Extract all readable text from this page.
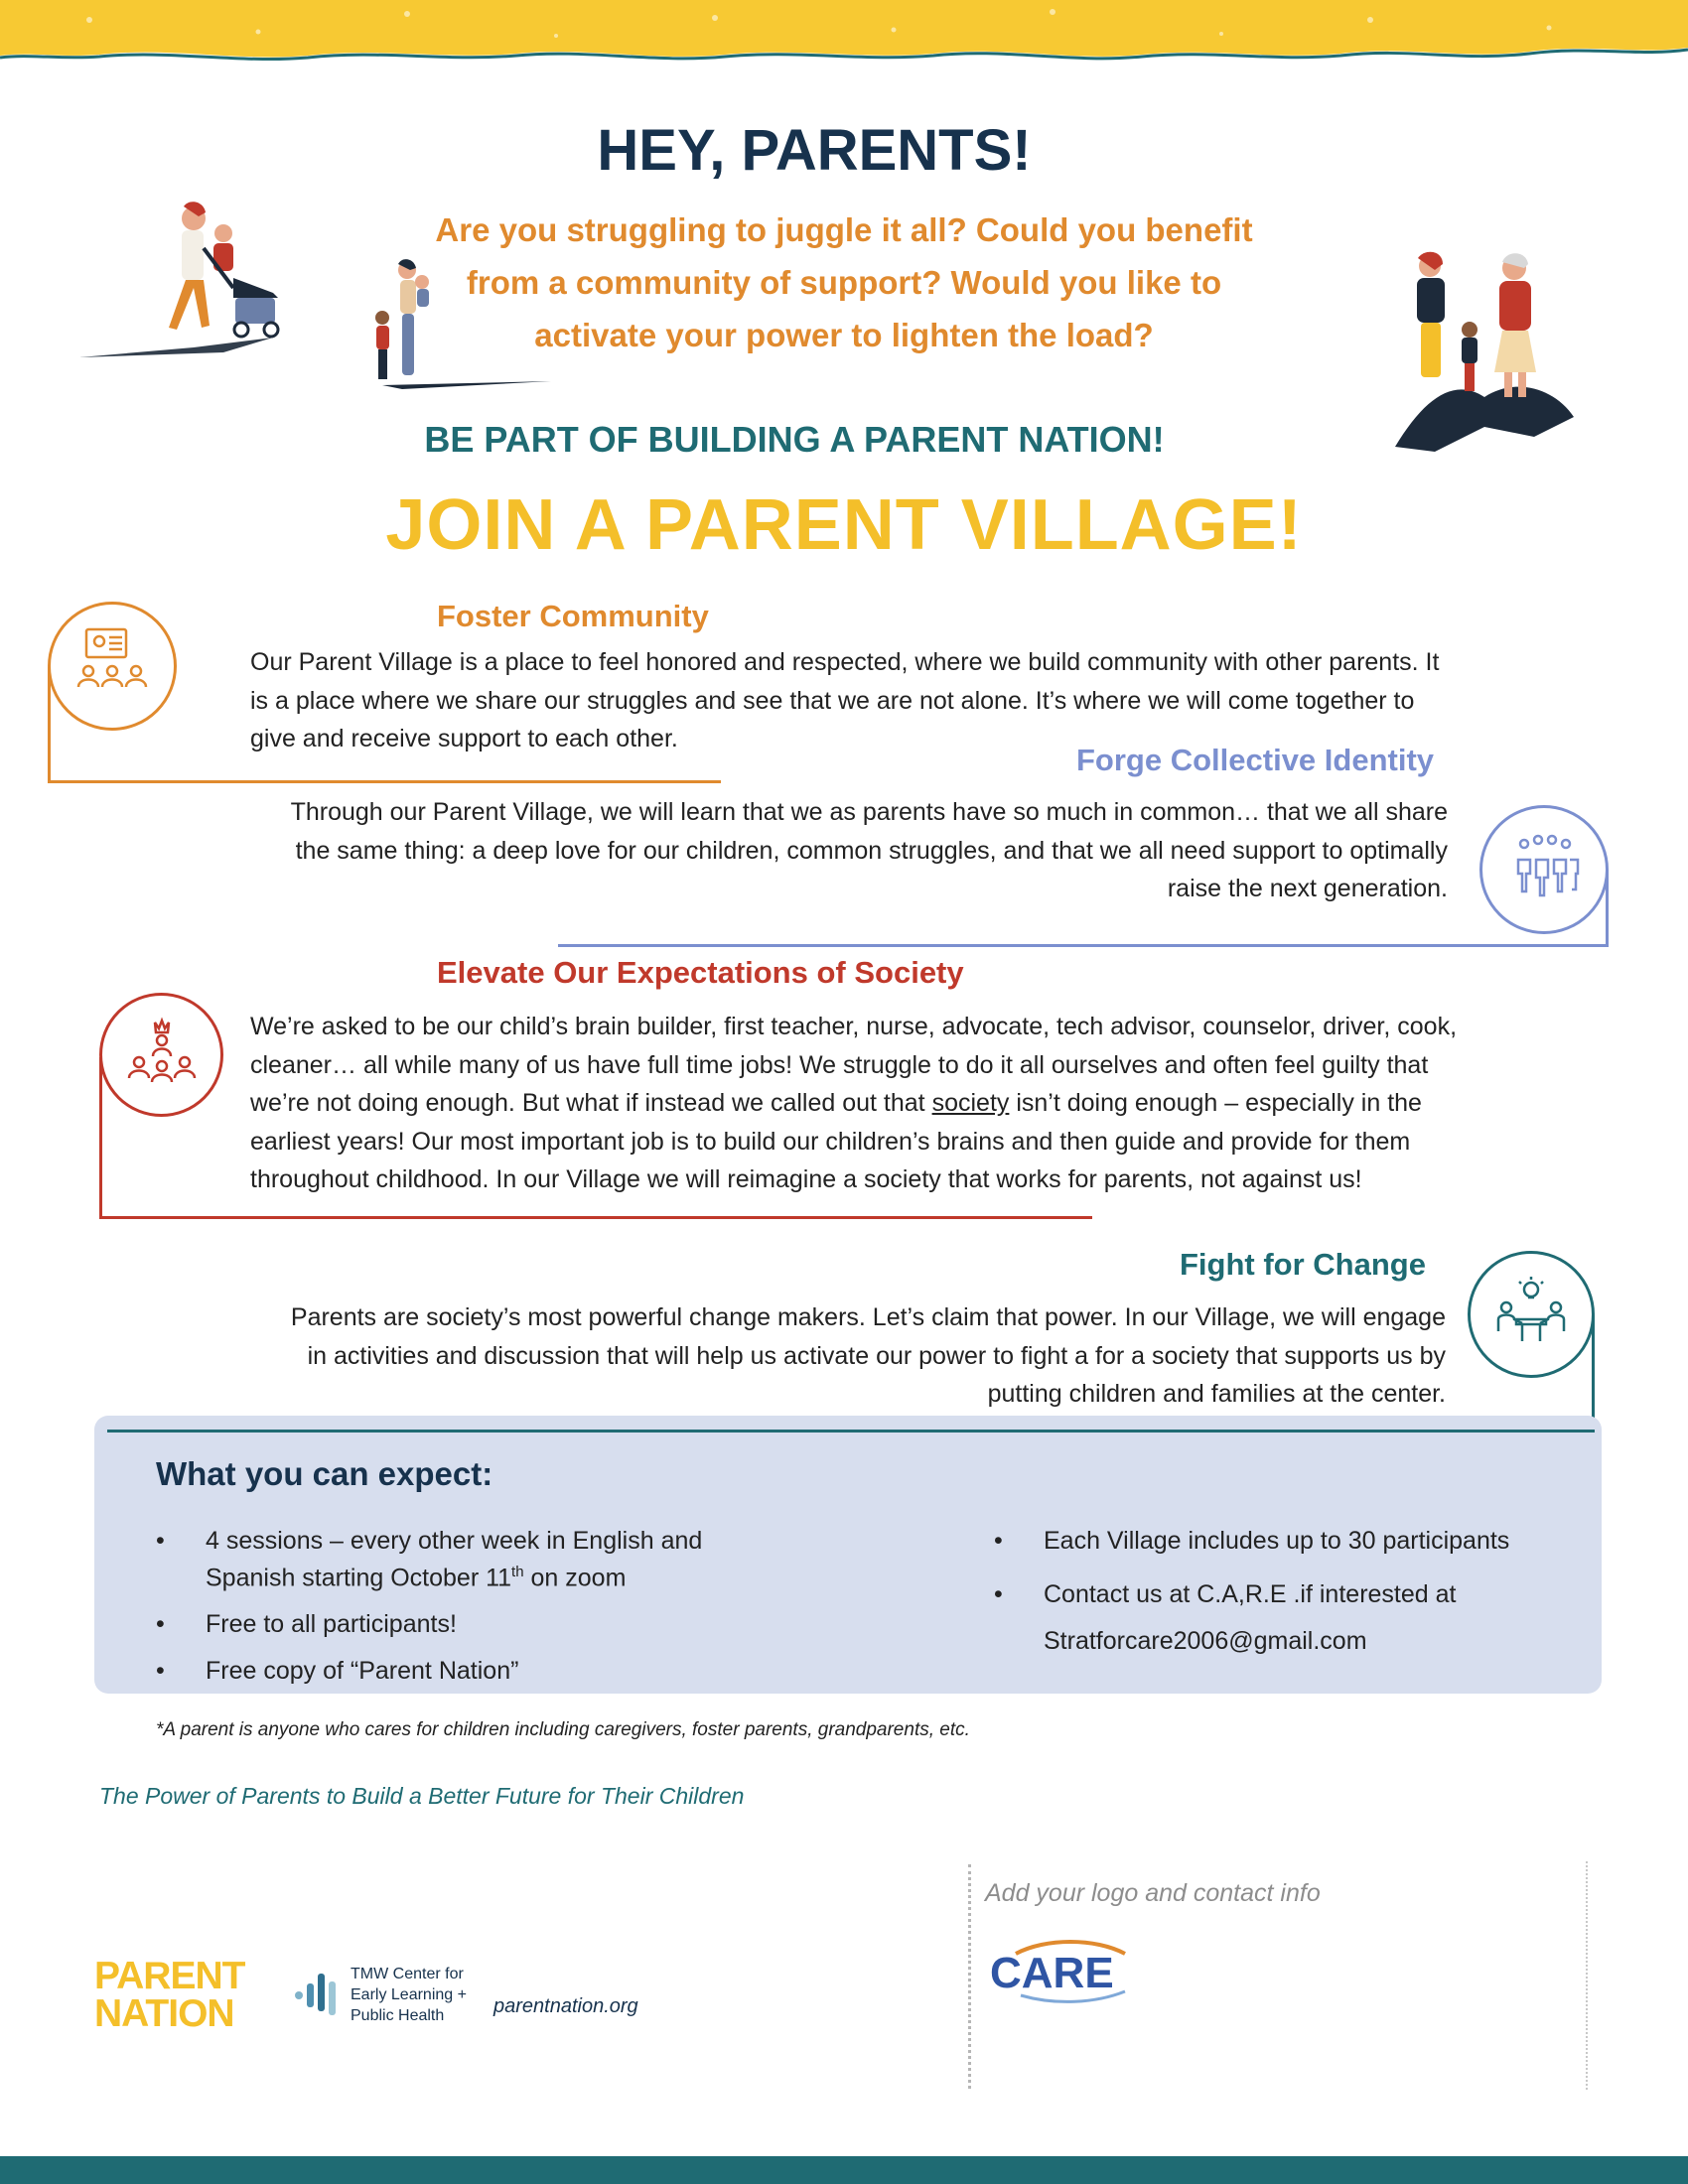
HEY, PARENTS!
Are you struggling to juggle it all? Could you benefit
from a community of support? Would you like to
activate your power to lighten the load?
BE PART OF BUILDING A PARENT NATION!
JOIN A PARENT VILLAGE!
Foster Community
Our Parent Village is a place to feel honored and respected, where we build community with other parents. It
is a place where we share our struggles and see that we are not alone. It’s where we will come together to
give and receive support to each other.
Forge Collective Identity
Through our Parent Village, we will learn that we as parents have so much in common… that we all share
the same thing: a deep love for our children, common struggles, and that we all need support to optimally
raise the next generation.
Elevate Our Expectations of Society
We’re asked to be our child’s brain builder, first teacher, nurse, advocate, tech advisor, counselor, driver, cook,
cleaner… all while many of us have full time jobs! We struggle to do it all ourselves and often feel guilty that
we’re not doing enough. But what if instead we called out that society isn’t doing enough – especially in the
earliest years! Our most important job is to build our children’s brains and then guide and provide for them
throughout childhood. In our Village we will reimagine a society that works for parents, not against us!
Fight for Change
Parents are society’s most powerful change makers. Let’s claim that power. In our Village, we will engage
in activities and discussion that will help us activate our power to fight a for a society that supports us by
putting children and families at the center.
What you can expect:
• 4 sessions – every other week in English and
Spanish starting October 11th on zoom
• Free to all participants!
• Free copy of “Parent Nation”
• Each Village includes up to 30 participants
• Contact us at C.A,R.E .if interested at
Stratforcare2006@gmail.com
*A parent is anyone who cares for children including caregivers, foster parents, grandparents, etc.
The Power of Parents to Build a Better Future for Their Children
PARENT
NATION
TMW Center for
Early Learning +
Public Health	parentnation.org
Add your logo and contact info
CARE
